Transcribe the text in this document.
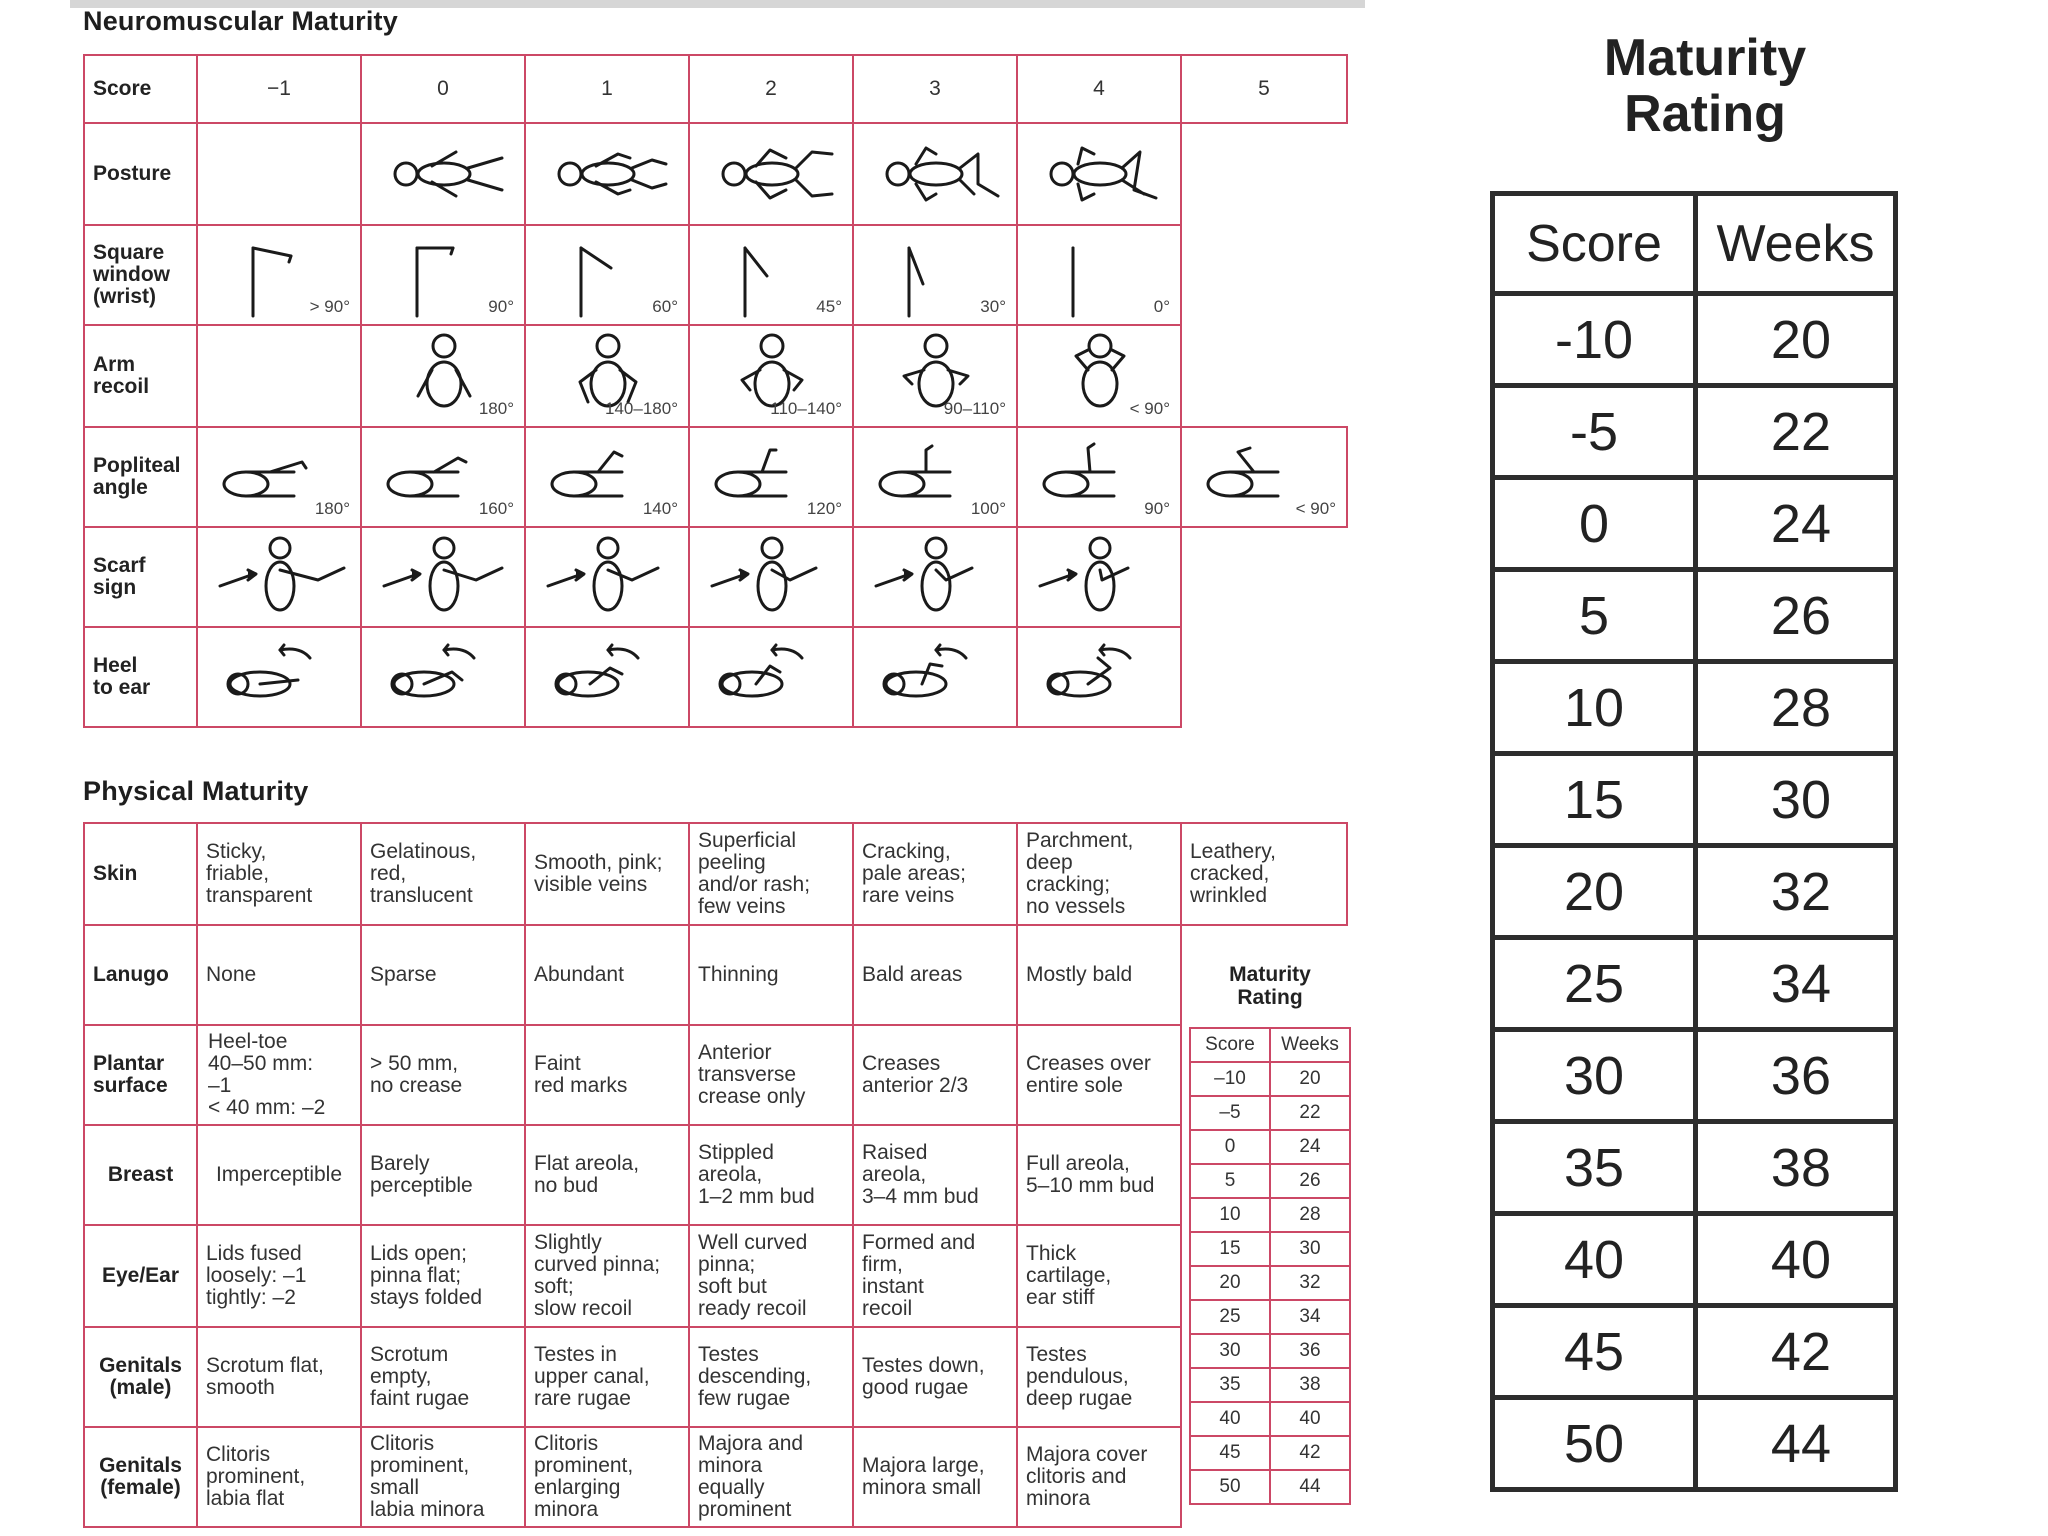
Neuromuscular Maturity
Score	−1	0	1	2	3	4	5
Posture		

Square
window
(wrist)	> 90°	90°	60°	45°	30°	0°	

Arm
recoil		180°	140–180°	110–140°	90–110°	< 90°	

Popliteal
angle	180°	160°	140°	120°	100°	90°	< 90°

Scarf
sign	

Heel
to ear	

Physical Maturity
Skin	Sticky,
friable,
transparent	Gelatinous,
red,
translucent	Smooth, pink;
visible veins	Superficial
peeling
and/or rash;
few veins	Cracking,
pale areas;
rare veins	Parchment,
deep
cracking;
no vessels	Leathery,
cracked,
wrinkled
Lanugo	None	Sparse	Abundant	Thinning	Bald areas	Mostly bald	
Plantar
surface	Heel-toe
40–50 mm:
–1
< 40 mm: –2	> 50 mm,
no crease	Faint
red marks	Anterior
transverse
crease only	Creases
anterior 2/3	Creases over
entire sole	
Breast	Imperceptible	Barely
perceptible	Flat areola,
no bud	Stippled
areola,
1–2 mm bud	Raised
areola,
3–4 mm bud	Full areola,
5–10 mm bud	
Eye/Ear	Lids fused
loosely: –1
tightly: –2	Lids open;
pinna flat;
stays folded	Slightly
curved pinna;
soft;
slow recoil	Well curved
pinna;
soft but
ready recoil	Formed and
firm,
instant
recoil	Thick
cartilage,
ear stiff	
Genitals
(male)	Scrotum flat,
smooth	Scrotum
empty,
faint rugae	Testes in
upper canal,
rare rugae	Testes
descending,
few rugae	Testes down,
good rugae	Testes
pendulous,
deep rugae	
Genitals
(female)	Clitoris
prominent,
labia flat	Clitoris
prominent,
small
labia minora	Clitoris
prominent,
enlarging
minora	Majora and
minora
equally
prominent	Majora large,
minora small	Majora cover
clitoris and
minora	
Maturity
Rating
Score	Weeks
–10	20
–5	22
0	24
5	26
10	28
15	30
20	32
25	34
30	36
35	38
40	40
45	42
50	44
Maturity
Rating
Score	Weeks
-10	20
-5	22
0	24
5	26
10	28
15	30
20	32
25	34
30	36
35	38
40	40
45	42
50	44
